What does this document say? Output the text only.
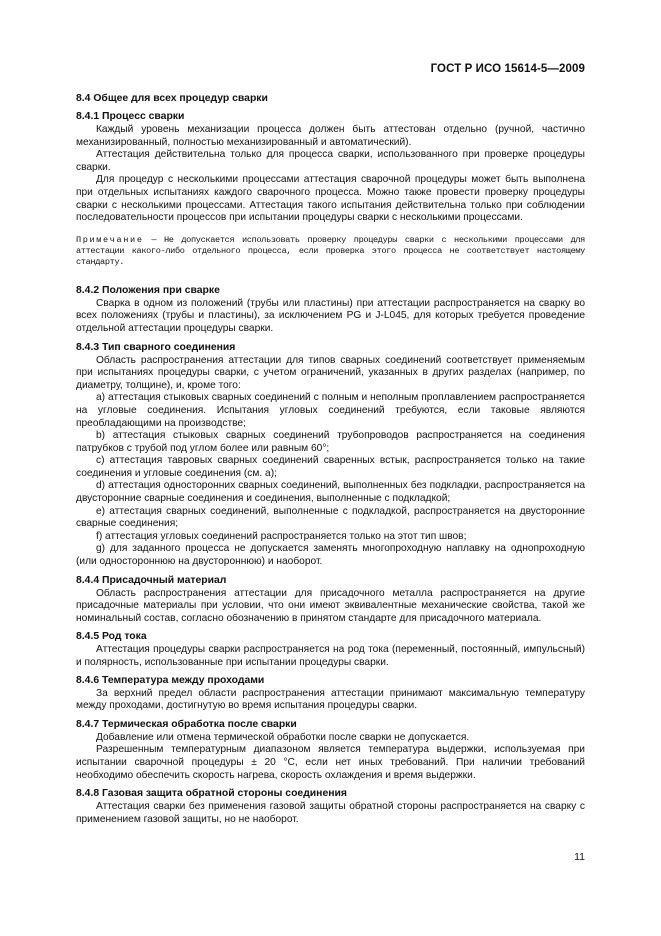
ГОСТ Р ИСО 15614-5—2009
8.4 Общее для всех процедур сварки
8.4.1 Процесс сварки

Каждый уровень механизации процесса должен быть аттестован отдельно (ручной, частично механизированный, полностью механизированный и автоматический).

Аттестация действительна только для процесса сварки, использованного при проверке процедуры сварки.

Для процедур с несколькими процессами аттестация сварочной процедуры может быть выполнена при отдельных испытаниях каждого сварочного процесса. Можно также провести проверку процедуры сварки с несколькими процессами. Аттестация такого испытания действительна только при соблюдении последовательности процессов при испытании процедуры сварки с несколькими процессами.

Примечание — Не допускается использовать проверку процедуры сварки с несколькими процессами для аттестации какого-либо отдельного процесса, если проверка этого процесса не соответствует настоящему стандарту.

8.4.2 Положения при сварке

Сварка в одном из положений (трубы или пластины) при аттестации распространяется на сварку во всех положениях (трубы и пластины), за исключением PG и J-L045, для которых требуется проведение отдельной аттестации процедуры сварки.

8.4.3 Тип сварного соединения

Область распространения аттестации для типов сварных соединений соответствует применяемым при испытаниях процедуры сварки, с учетом ограничений, указанных в других разделах (например, по диаметру, толщине), и, кроме того:

a) аттестация стыковых сварных соединений с полным и неполным проплавлением распространяется на угловые соединения. Испытания угловых соединений требуются, если таковые являются преобладающими на производстве;

b) аттестация стыковых сварных соединений трубопроводов распространяется на соединения патрубков с трубой под углом более или равным 60°;

c) аттестация тавровых сварных соединений сваренных встык, распространяется только на такие соединения и угловые соединения (см. a);

d) аттестация односторонних сварных соединений, выполненных без подкладки, распространяется на двусторонние сварные соединения и соединения, выполненные с подкладкой;

e) аттестация сварных соединений, выполненные с подкладкой, распространяется на двусторонние сварные соединения;

f) аттестация угловых соединений распространяется только на этот тип швов;

g) для заданного процесса не допускается заменять многопроходную наплавку на однопроходную (или одностороннюю на двустороннюю) и наоборот.

8.4.4 Присадочный материал

Область распространения аттестации для присадочного металла распространяется на другие присадочные материалы при условии, что они имеют эквивалентные механические свойства, такой же номинальный состав, согласно обозначению в принятом стандарте для присадочного материала.

8.4.5 Род тока

Аттестация процедуры сварки распространяется на род тока (переменный, постоянный, импульсный) и полярность, использованные при испытании процедуры сварки.

8.4.6 Температура между проходами

За верхний предел области распространения аттестации принимают максимальную температуру между проходами, достигнутую во время испытания процедуры сварки.

8.4.7 Термическая обработка после сварки

Добавление или отмена термической обработки после сварки не допускается.

Разрешенным температурным диапазоном является температура выдержки, используемая при испытании сварочной процедуры ± 20 °С, если нет иных требований. При наличии требований необходимо обеспечить скорость нагрева, скорость охлаждения и время выдержки.

8.4.8 Газовая защита обратной стороны соединения

Аттестация сварки без применения газовой защиты обратной стороны распространяется на сварку с применением газовой защиты, но не наоборот.

11
